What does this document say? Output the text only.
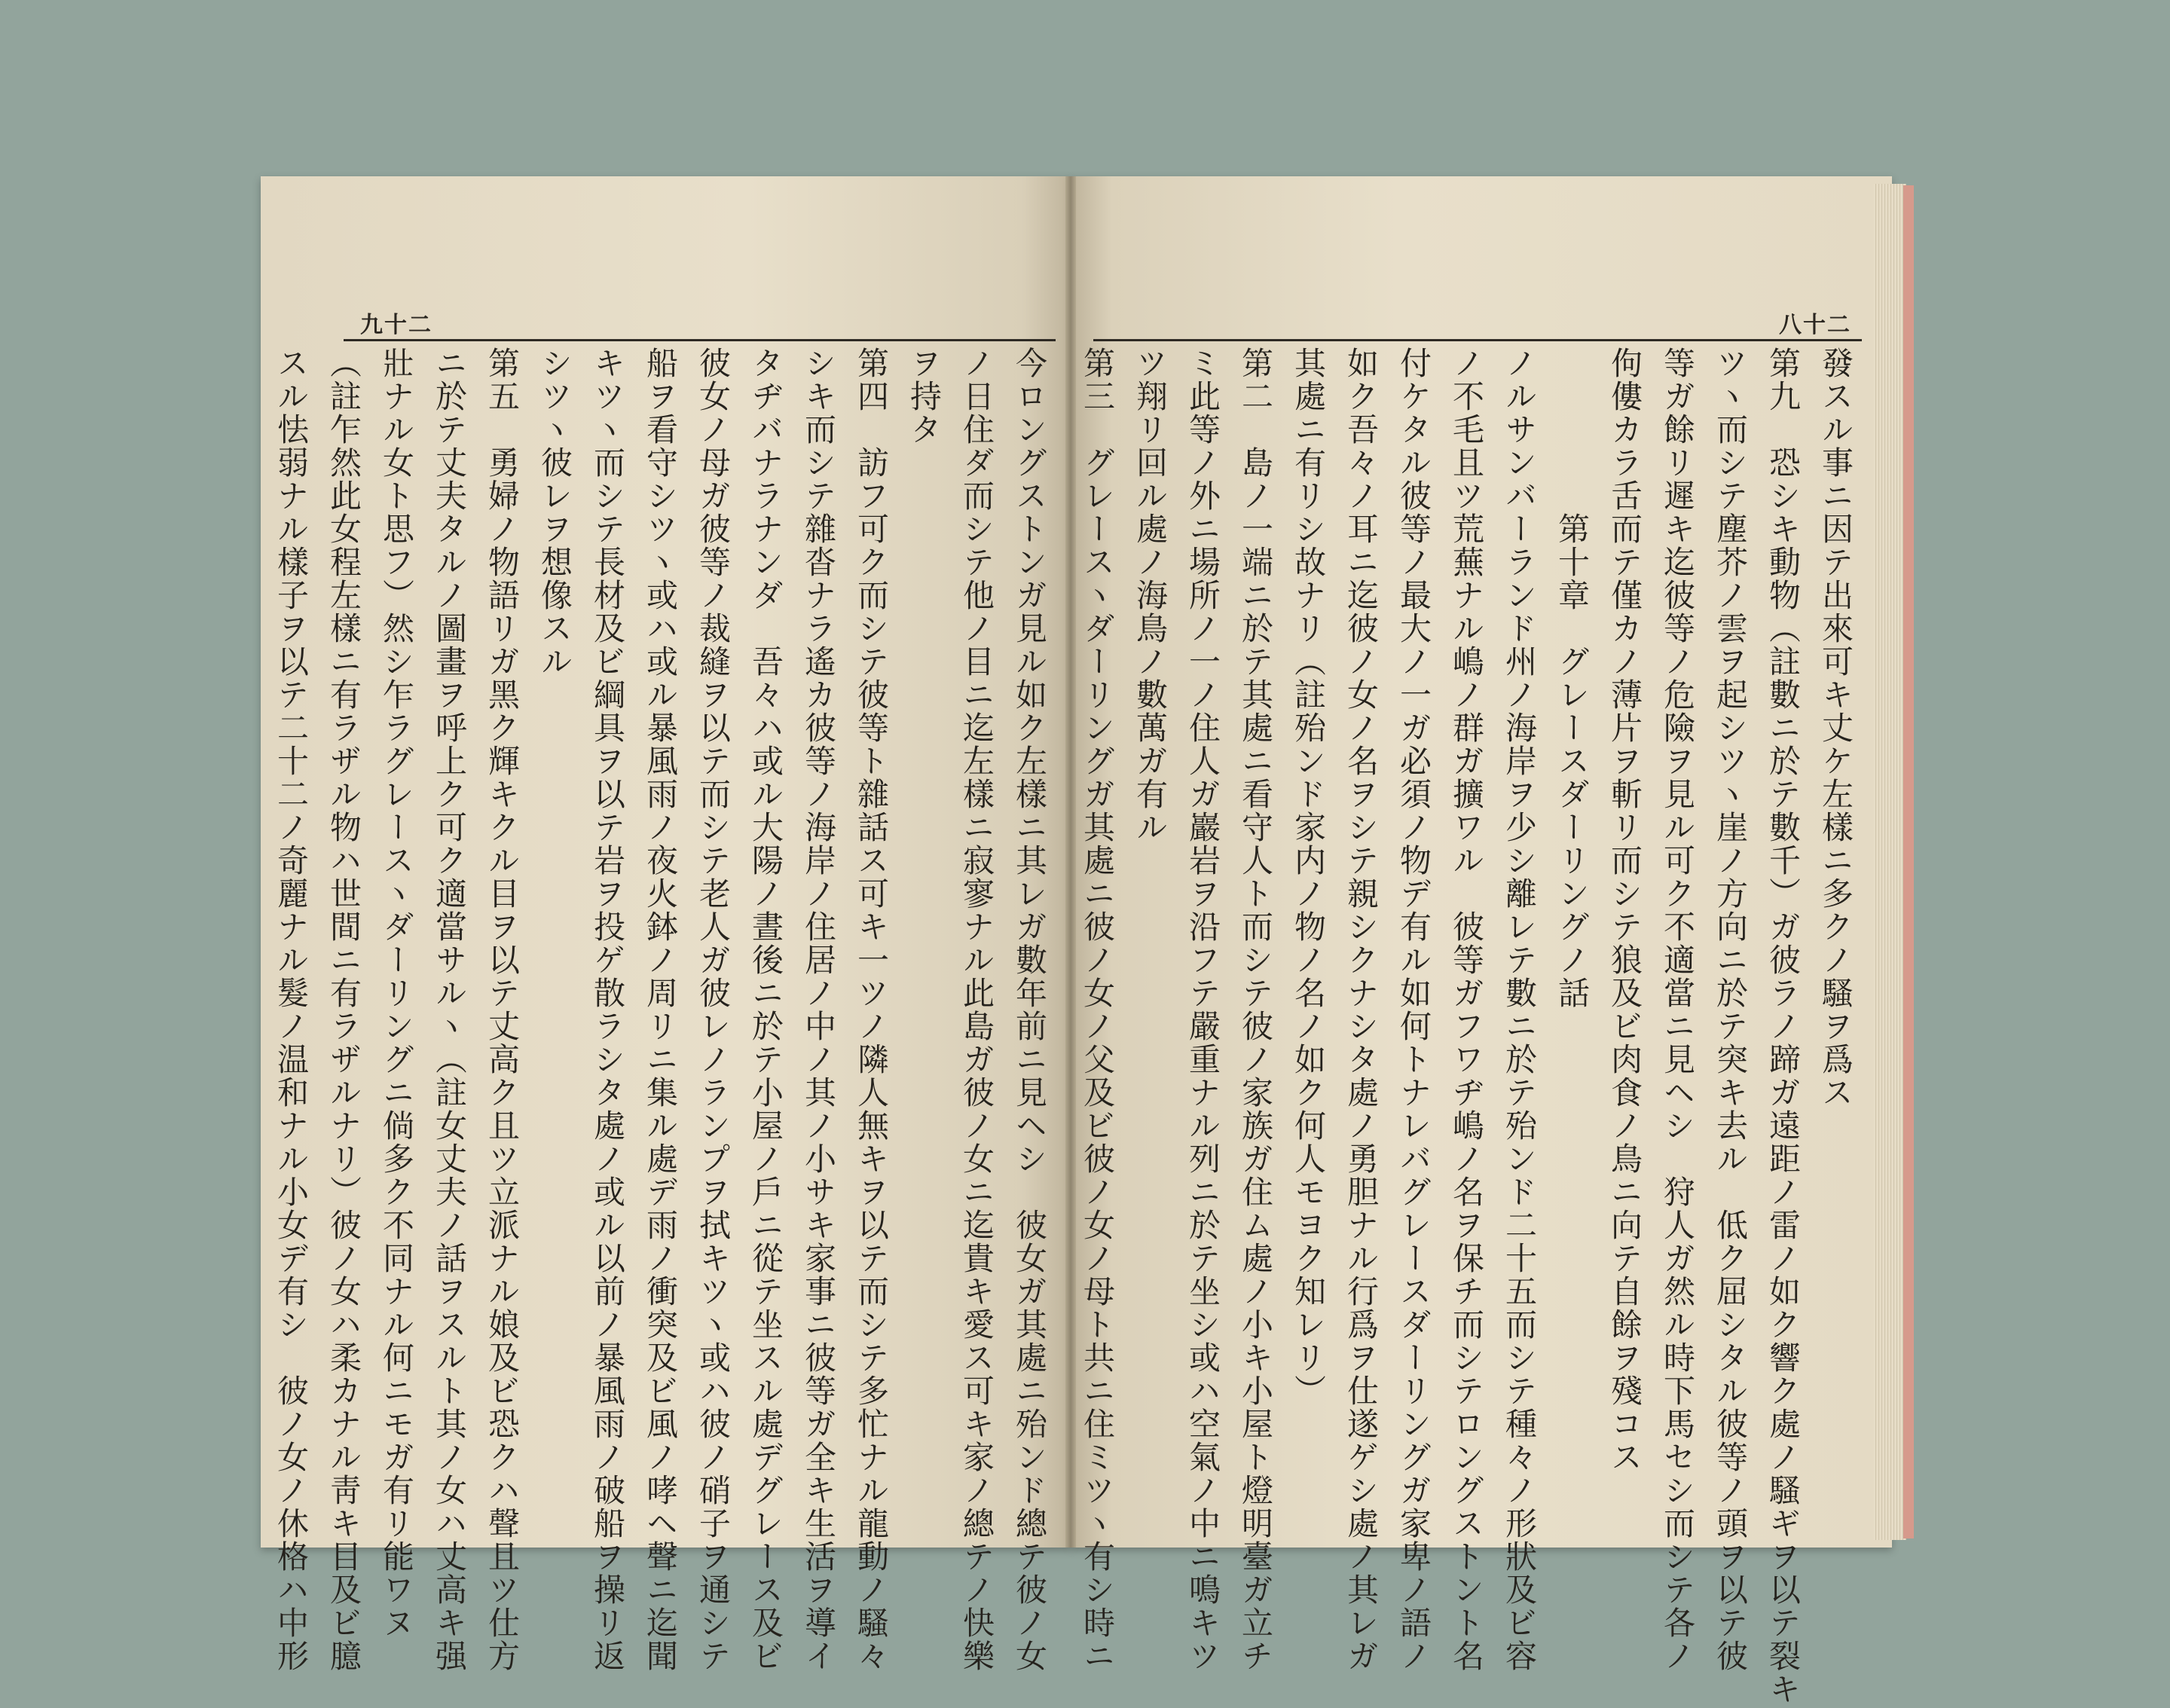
九十二
今ロングストンガ見ル如ク左樣ニ其レガ數年前ニ見ヘシ　彼女ガ其處ニ殆ンド總テ彼ノ女
ノ日住ダ而シテ他ノ目ニ迄左樣ニ寂寥ナル此島ガ彼ノ女ニ迄貴キ愛ス可キ家ノ總テノ快樂
ヲ持タ
第四　訪フ可ク而シテ彼等ト雜話ス可キ一ツノ隣人無キヲ以テ而シテ多忙ナル龍動ノ騷々
シキ而シテ雜沓ナラ遙カ彼等ノ海岸ノ住居ノ中ノ其ノ小サキ家事ニ彼等ガ全キ生活ヲ導イ
タヂバナラナンダ　吾々ハ或ル大陽ノ晝後ニ於テ小屋ノ戶ニ從テ坐スル處デグレース及ビ
彼女ノ母ガ彼等ノ裁縫ヲ以テ而シテ老人ガ彼レノランプヲ拭キツヽ或ハ彼ノ硝子ヲ通シテ
船ヲ看守シツヽ或ハ或ル暴風雨ノ夜火鉢ノ周リニ集ル處デ雨ノ衝突及ビ風ノ哮ヘ聲ニ迄聞
キツヽ而シテ長材及ビ綱具ヲ以テ岩ヲ投ゲ散ラシタ處ノ或ル以前ノ暴風雨ノ破船ヲ操リ返
シツヽ彼レヲ想像スル
第五　勇婦ノ物語リガ黑ク輝キクル目ヲ以テ丈高ク且ツ立派ナル娘及ビ恐クハ聲且ツ仕方
ニ於テ丈夫タルノ圖畫ヲ呼上ク可ク適當サルヽ（註女丈夫ノ話ヲスルト其ノ女ハ丈高キ强
壯ナル女ト思フ）然シ乍ラグレースヽダーリングニ倘多ク不同ナル何ニモガ有リ能ワヌ
（註乍然此女程左樣ニ有ラザル物ハ世間ニ有ラザルナリ）彼ノ女ハ柔カナル靑キ目及ビ臆
スル怯弱ナル樣子ヲ以テ二十二ノ奇麗ナル髮ノ温和ナル小女デ有シ　彼ノ女ノ休格ハ中形
八十二
發スル事ニ因テ出來可キ丈ケ左樣ニ多クノ騷ヲ爲ス
第九　恐シキ動物（註數ニ於テ數千）ガ彼ラノ蹄ガ遠距ノ雷ノ如ク響ク處ノ騷ギヲ以テ裂キ
ツヽ而シテ塵芥ノ雲ヲ起シツヽ崖ノ方向ニ於テ突キ去ル　低ク屈シタル彼等ノ頭ヲ以テ彼
等ガ餘リ遲キ迄彼等ノ危險ヲ見ル可ク不適當ニ見ヘシ　狩人ガ然ル時下馬セシ而シテ各ノ
佝僂カラ舌而テ僅カノ薄片ヲ斬リ而シテ狼及ビ肉食ノ鳥ニ向テ自餘ヲ殘コス
第十章　グレースダーリングノ話
ノルサンバーランド州ノ海岸ヲ少シ離レテ數ニ於テ殆ンド二十五而シテ種々ノ形狀及ビ容
ノ不毛且ツ荒蕪ナル嶋ノ群ガ擴ワル　彼等ガフワヂ嶋ノ名ヲ保チ而シテロングストント名
付ケタル彼等ノ最大ノ一ガ必須ノ物デ有ル如何トナレバグレースダーリングガ家卑ノ語ノ
如ク吾々ノ耳ニ迄彼ノ女ノ名ヲシテ親シクナシタ處ノ勇胆ナル行爲ヲ仕遂ゲシ處ノ其レガ
其處ニ有リシ故ナリ（註殆ンド家内ノ物ノ名ノ如ク何人モヨク知レリ）
第二　島ノ一端ニ於テ其處ニ看守人ト而シテ彼ノ家族ガ住ム處ノ小キ小屋ト燈明臺ガ立チ
ミ此等ノ外ニ場所ノ一ノ住人ガ巖岩ヲ沿フテ嚴重ナル列ニ於テ坐シ或ハ空氣ノ中ニ鳴キツ
ツ翔リ回ル處ノ海鳥ノ數萬ガ有ル
第三　グレースヽダーリングガ其處ニ彼ノ女ノ父及ビ彼ノ女ノ母ト共ニ住ミツヽ有シ時ニ
